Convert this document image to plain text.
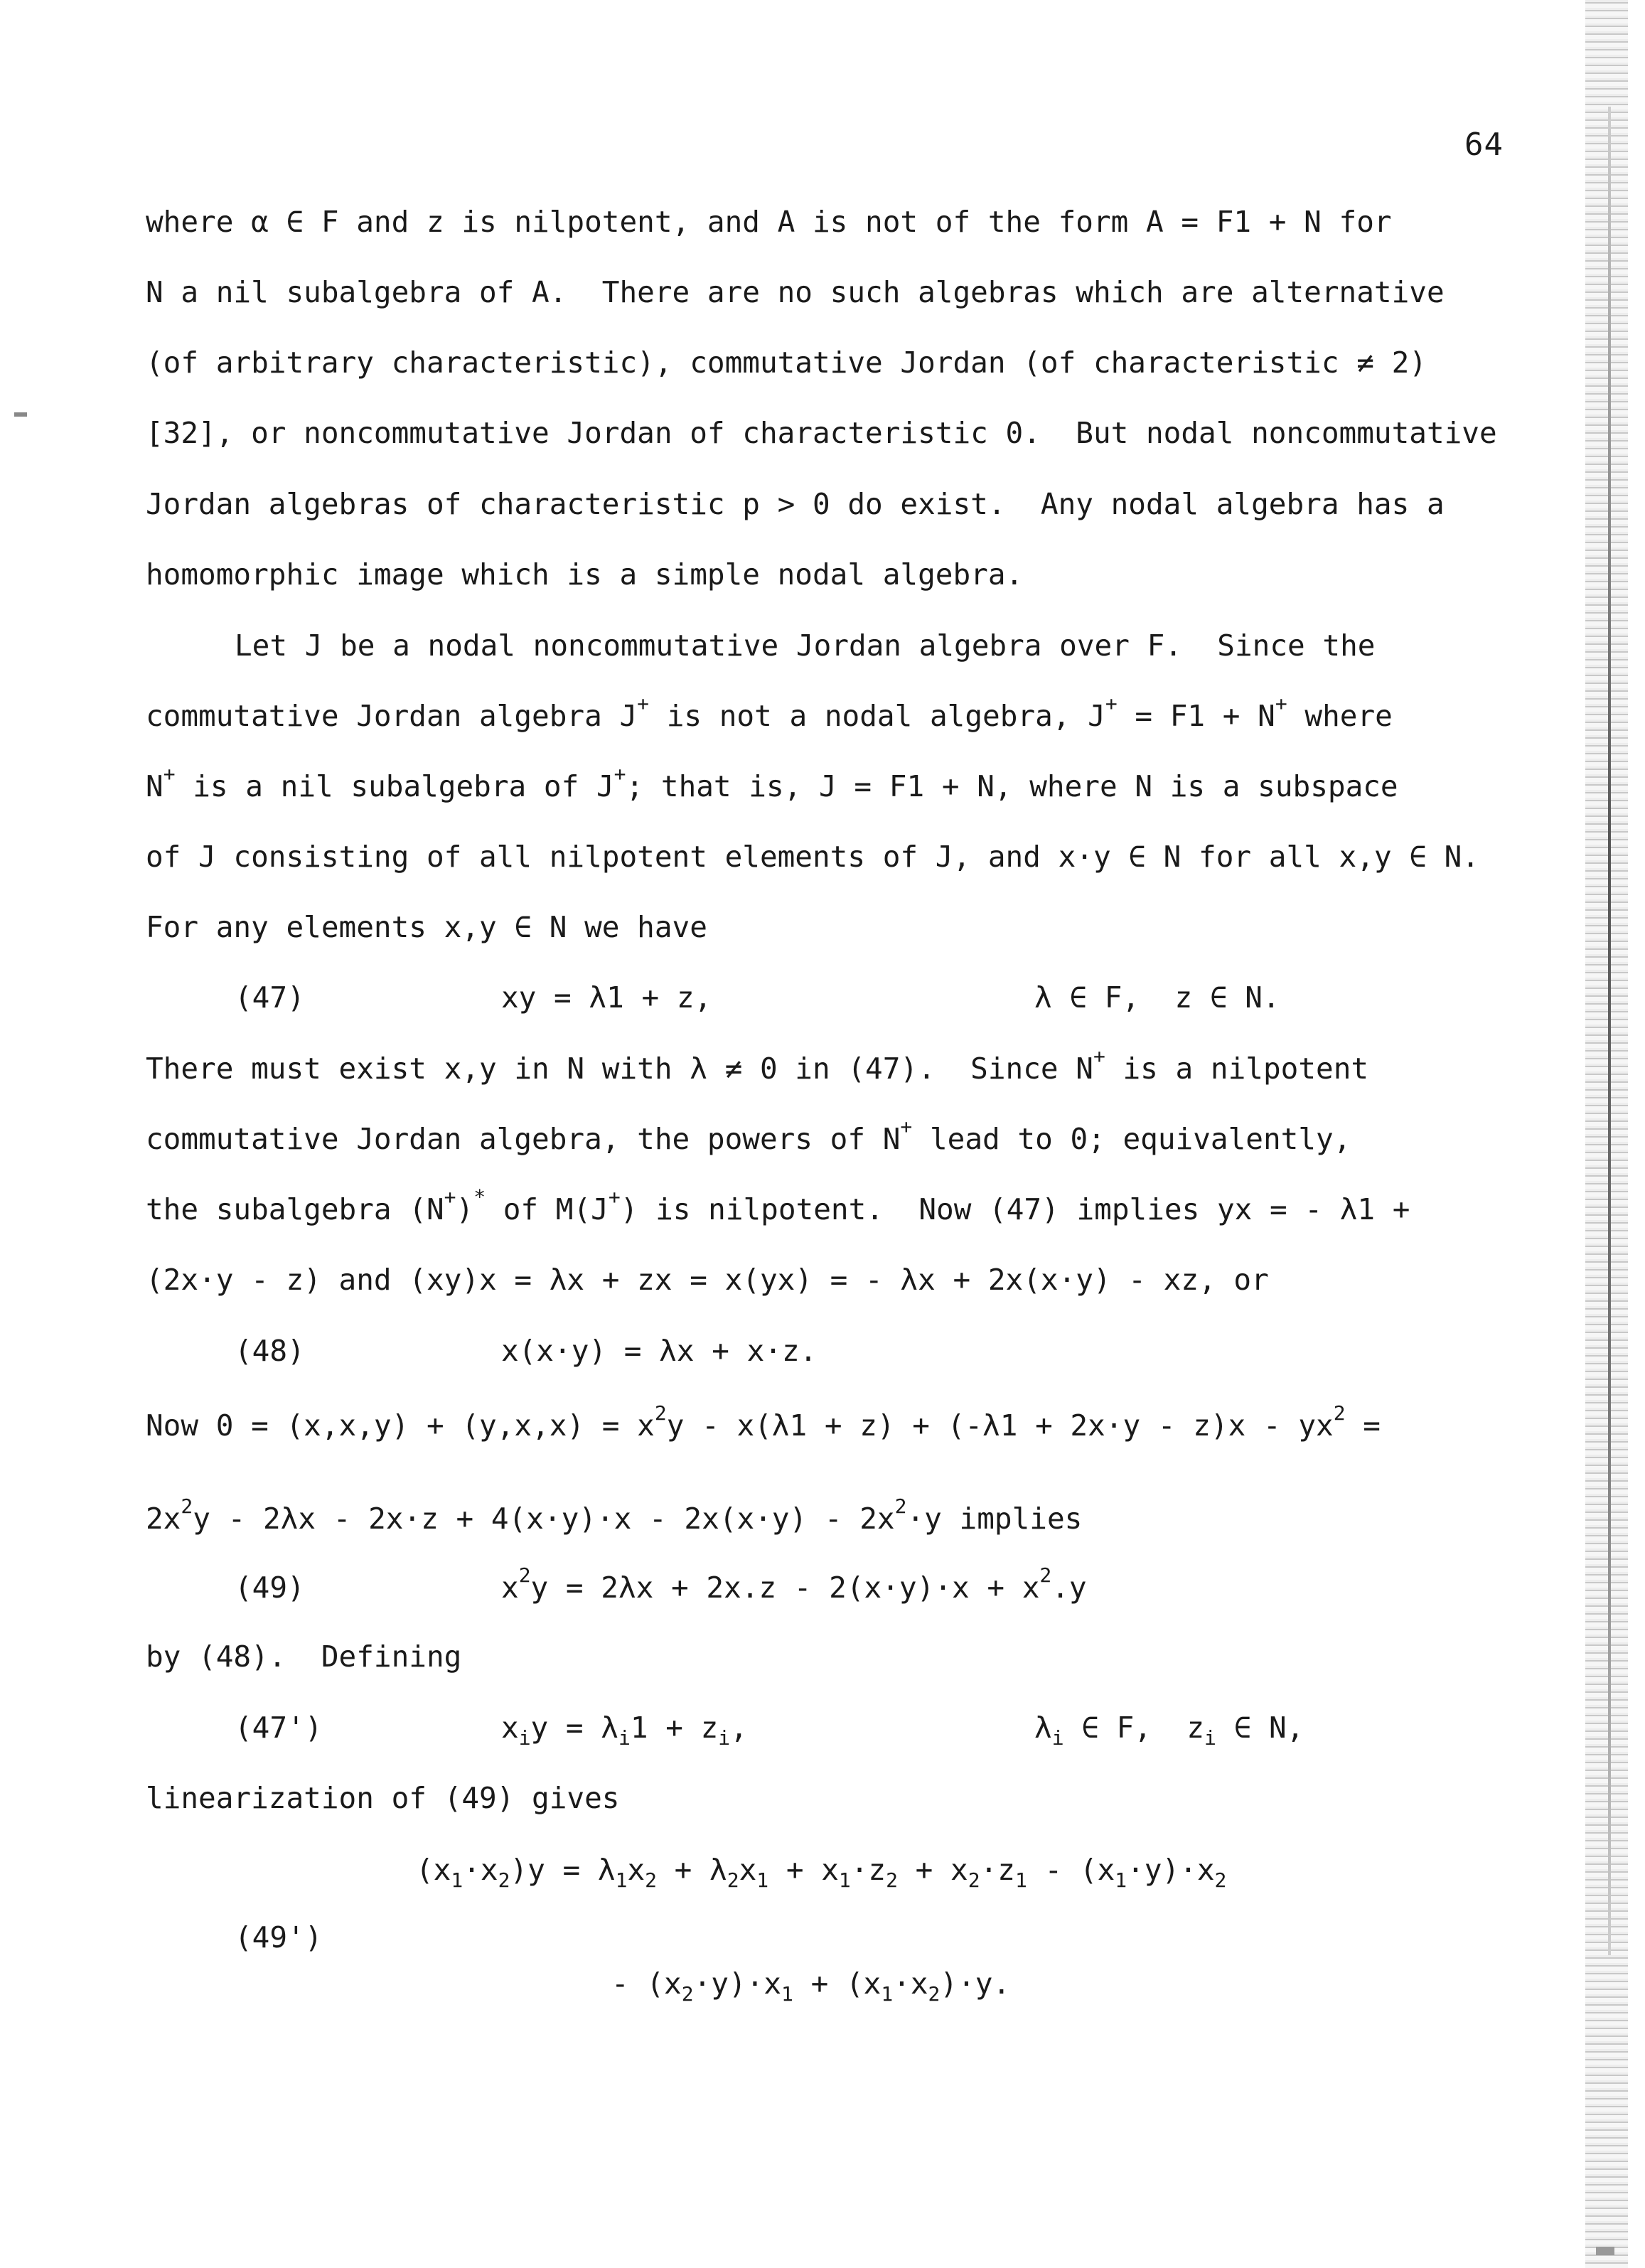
64
where α ∈ F and z is nilpotent, and A is not of the form A = F1 + N for
N a nil subalgebra of A.  There are no such algebras which are alternative
(of arbitrary characteristic), commutative Jordan (of characteristic ≠ 2)
[32], or noncommutative Jordan of characteristic 0.  But nodal noncommutative
Jordan algebras of characteristic p > 0 do exist.  Any nodal algebra has a
homomorphic image which is a simple nodal algebra.
Let J be a nodal noncommutative Jordan algebra over F.  Since the
commutative Jordan algebra J+ is not a nodal algebra, J+ = F1 + N+ where
N+ is a nil subalgebra of J+; that is, J = F1 + N, where N is a subspace
of J consisting of all nilpotent elements of J, and x·y ∈ N for all x,y ∈ N.
For any elements x,y ∈ N we have
(47)	xy = λ1 + z,	λ ∈ F,  z ∈ N.
There must exist x,y in N with λ ≠ 0 in (47).  Since N+ is a nilpotent
commutative Jordan algebra, the powers of N+ lead to 0; equivalently,
the subalgebra (N+)* of M(J+) is nilpotent.  Now (47) implies yx = - λ1 +
(2x·y - z) and (xy)x = λx + zx = x(yx) = - λx + 2x(x·y) - xz, or
(48)	x(x·y) = λx + x·z.
Now $0 = (x,x,y) + (y,x,x) = x^2y - x(\lambda 1 + z) + (-\lambda 1 + 2x\cdot y - z)x - yx^2$ =
$2x^2y - 2\lambda x - 2x\cdot z + 4(x\cdot y)\cdot x - 2x(x\cdot y) - 2x^2\cdot y$ implies
(49)	$x^2y = 2\lambda x + 2x.z - 2(x\cdot y)\cdot x + x^2.y$
by (48).  Defining
(47')	$x_iy = \lambda_i1 + z_i$,	$\lambda_i$ ∈ F,  $z_i$ ∈ N,
linearization of (49) gives
$(x_1\cdot x_2)y = \lambda_1x_2 + \lambda_2x_1 + x_1\cdot z_2 + x_2\cdot z_1 - (x_1\cdot y)\cdot x_2$
(49')
- $(x_2\cdot y)\cdot x_1 + (x_1\cdot x_2)\cdot y$.
